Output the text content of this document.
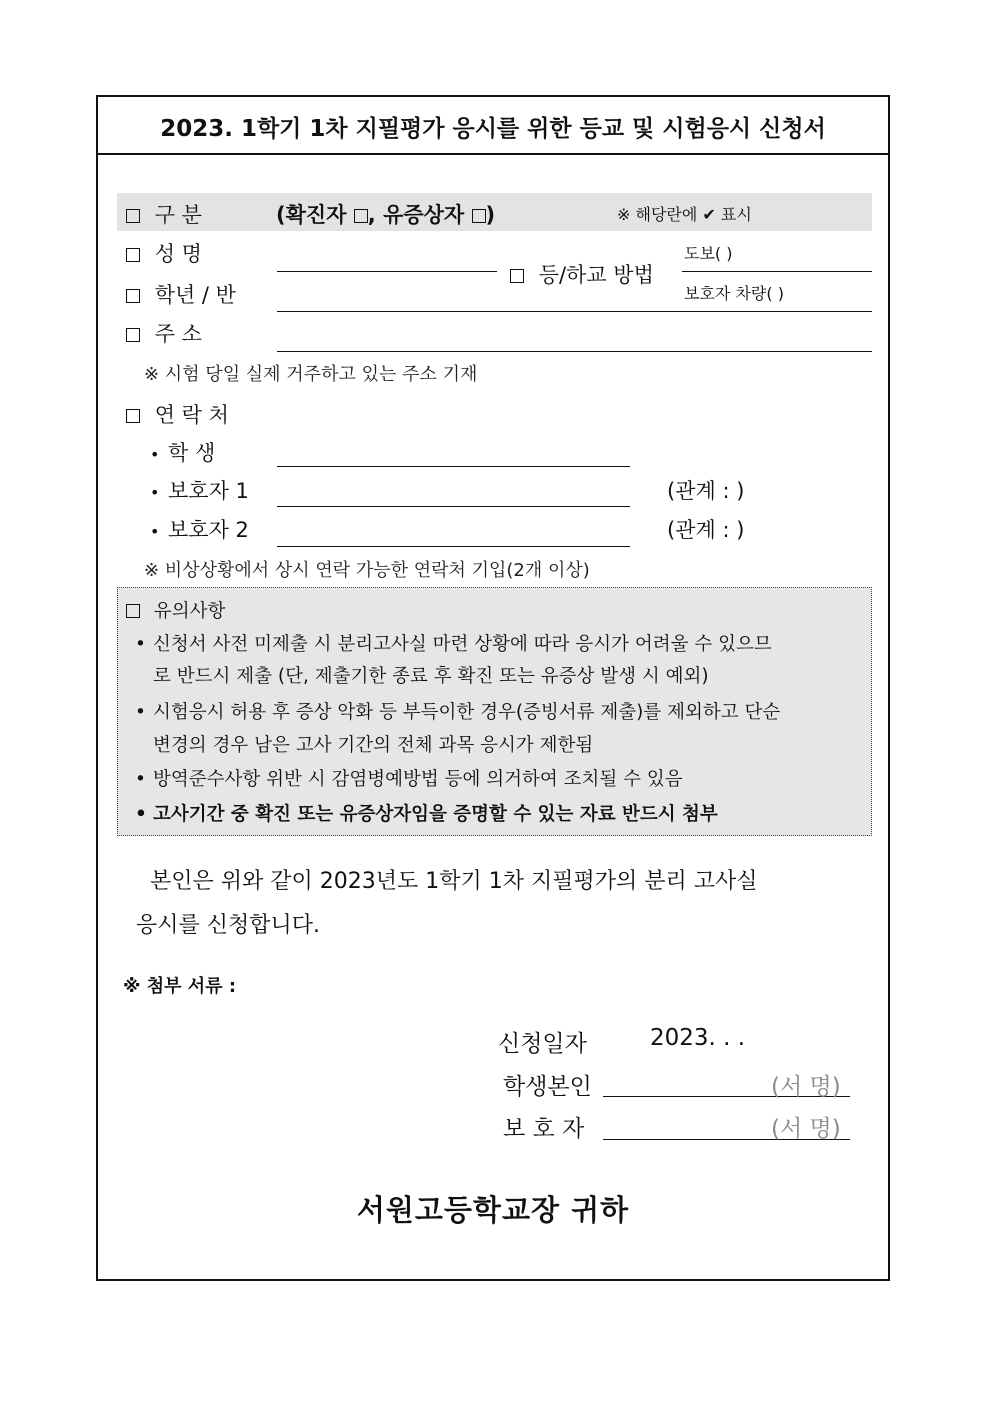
2023. 1학기 1차 지필평가 응시를 위한 등교 및 시험응시 신청서
구 분	(확진자 , 유증상자 )	※ 해당란에 ✔ 표시
성 명
학년 / 반
등/하교 방법
도보( )
보호자 차량( )
주 소
※ 시험 당일 실제 거주하고 있는 주소 기재
연 락 처
• 학 생
• 보호자 1	(관계 : )
• 보호자 2	(관계 : )
※ 비상상황에서 상시 연락 가능한 연락처 기입(2개 이상)
유의사항
• 신청서 사전 미제출 시 분리고사실 마련 상황에 따라 응시가 어려울 수 있으므
로 반드시 제출 (단, 제출기한 종료 후 확진 또는 유증상 발생 시 예외)
• 시험응시 허용 후 증상 악화 등 부득이한 경우(증빙서류 제출)를 제외하고 단순
변경의 경우 남은 고사 기간의 전체 과목 응시가 제한됨
• 방역준수사항 위반 시 감염병예방법 등에 의거하여 조치될 수 있음
• 고사기간 중 확진 또는 유증상자임을 증명할 수 있는 자료 반드시 첨부
본인은 위와 같이 2023년도 1학기 1차 지필평가의 분리 고사실
응시를 신청합니다.
※ 첨부 서류 :
신청일자	2023. . .
학생본인	(서 명)
보 호 자	(서 명)
서원고등학교장 귀하
